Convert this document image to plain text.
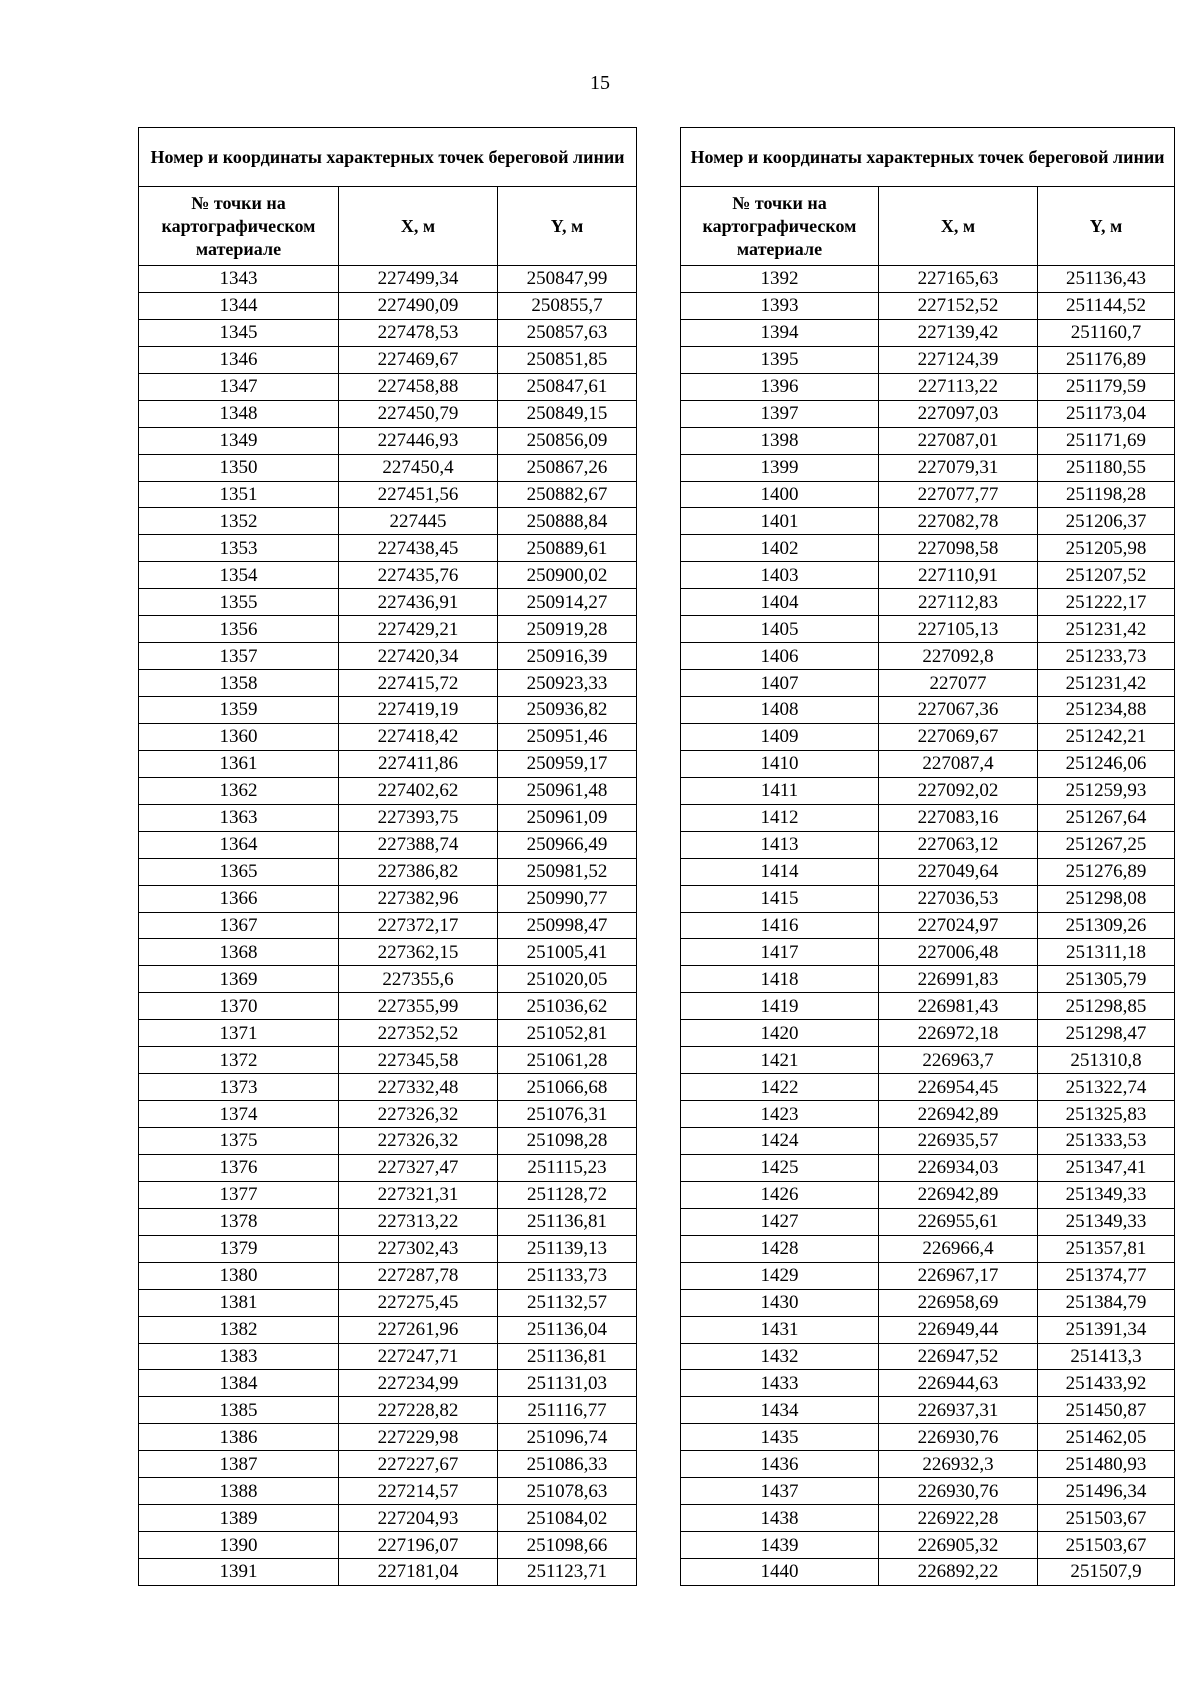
15
Номер и координаты характерных точек береговой линии		
№ точки на картографическом материале	X, м	Y, м
1343	227499,34	250847,99
1344	227490,09	250855,7
1345	227478,53	250857,63
1346	227469,67	250851,85
1347	227458,88	250847,61
1348	227450,79	250849,15
1349	227446,93	250856,09
1350	227450,4	250867,26
1351	227451,56	250882,67
1352	227445	250888,84
1353	227438,45	250889,61
1354	227435,76	250900,02
1355	227436,91	250914,27
1356	227429,21	250919,28
1357	227420,34	250916,39
1358	227415,72	250923,33
1359	227419,19	250936,82
1360	227418,42	250951,46
1361	227411,86	250959,17
1362	227402,62	250961,48
1363	227393,75	250961,09
1364	227388,74	250966,49
1365	227386,82	250981,52
1366	227382,96	250990,77
1367	227372,17	250998,47
1368	227362,15	251005,41
1369	227355,6	251020,05
1370	227355,99	251036,62
1371	227352,52	251052,81
1372	227345,58	251061,28
1373	227332,48	251066,68
1374	227326,32	251076,31
1375	227326,32	251098,28
1376	227327,47	251115,23
1377	227321,31	251128,72
1378	227313,22	251136,81
1379	227302,43	251139,13
1380	227287,78	251133,73
1381	227275,45	251132,57
1382	227261,96	251136,04
1383	227247,71	251136,81
1384	227234,99	251131,03
1385	227228,82	251116,77
1386	227229,98	251096,74
1387	227227,67	251086,33
1388	227214,57	251078,63
1389	227204,93	251084,02
1390	227196,07	251098,66
1391	227181,04	251123,71
Номер и координаты характерных точек береговой линии		
№ точки на картографическом материале	X, м	Y, м
1392	227165,63	251136,43
1393	227152,52	251144,52
1394	227139,42	251160,7
1395	227124,39	251176,89
1396	227113,22	251179,59
1397	227097,03	251173,04
1398	227087,01	251171,69
1399	227079,31	251180,55
1400	227077,77	251198,28
1401	227082,78	251206,37
1402	227098,58	251205,98
1403	227110,91	251207,52
1404	227112,83	251222,17
1405	227105,13	251231,42
1406	227092,8	251233,73
1407	227077	251231,42
1408	227067,36	251234,88
1409	227069,67	251242,21
1410	227087,4	251246,06
1411	227092,02	251259,93
1412	227083,16	251267,64
1413	227063,12	251267,25
1414	227049,64	251276,89
1415	227036,53	251298,08
1416	227024,97	251309,26
1417	227006,48	251311,18
1418	226991,83	251305,79
1419	226981,43	251298,85
1420	226972,18	251298,47
1421	226963,7	251310,8
1422	226954,45	251322,74
1423	226942,89	251325,83
1424	226935,57	251333,53
1425	226934,03	251347,41
1426	226942,89	251349,33
1427	226955,61	251349,33
1428	226966,4	251357,81
1429	226967,17	251374,77
1430	226958,69	251384,79
1431	226949,44	251391,34
1432	226947,52	251413,3
1433	226944,63	251433,92
1434	226937,31	251450,87
1435	226930,76	251462,05
1436	226932,3	251480,93
1437	226930,76	251496,34
1438	226922,28	251503,67
1439	226905,32	251503,67
1440	226892,22	251507,9
